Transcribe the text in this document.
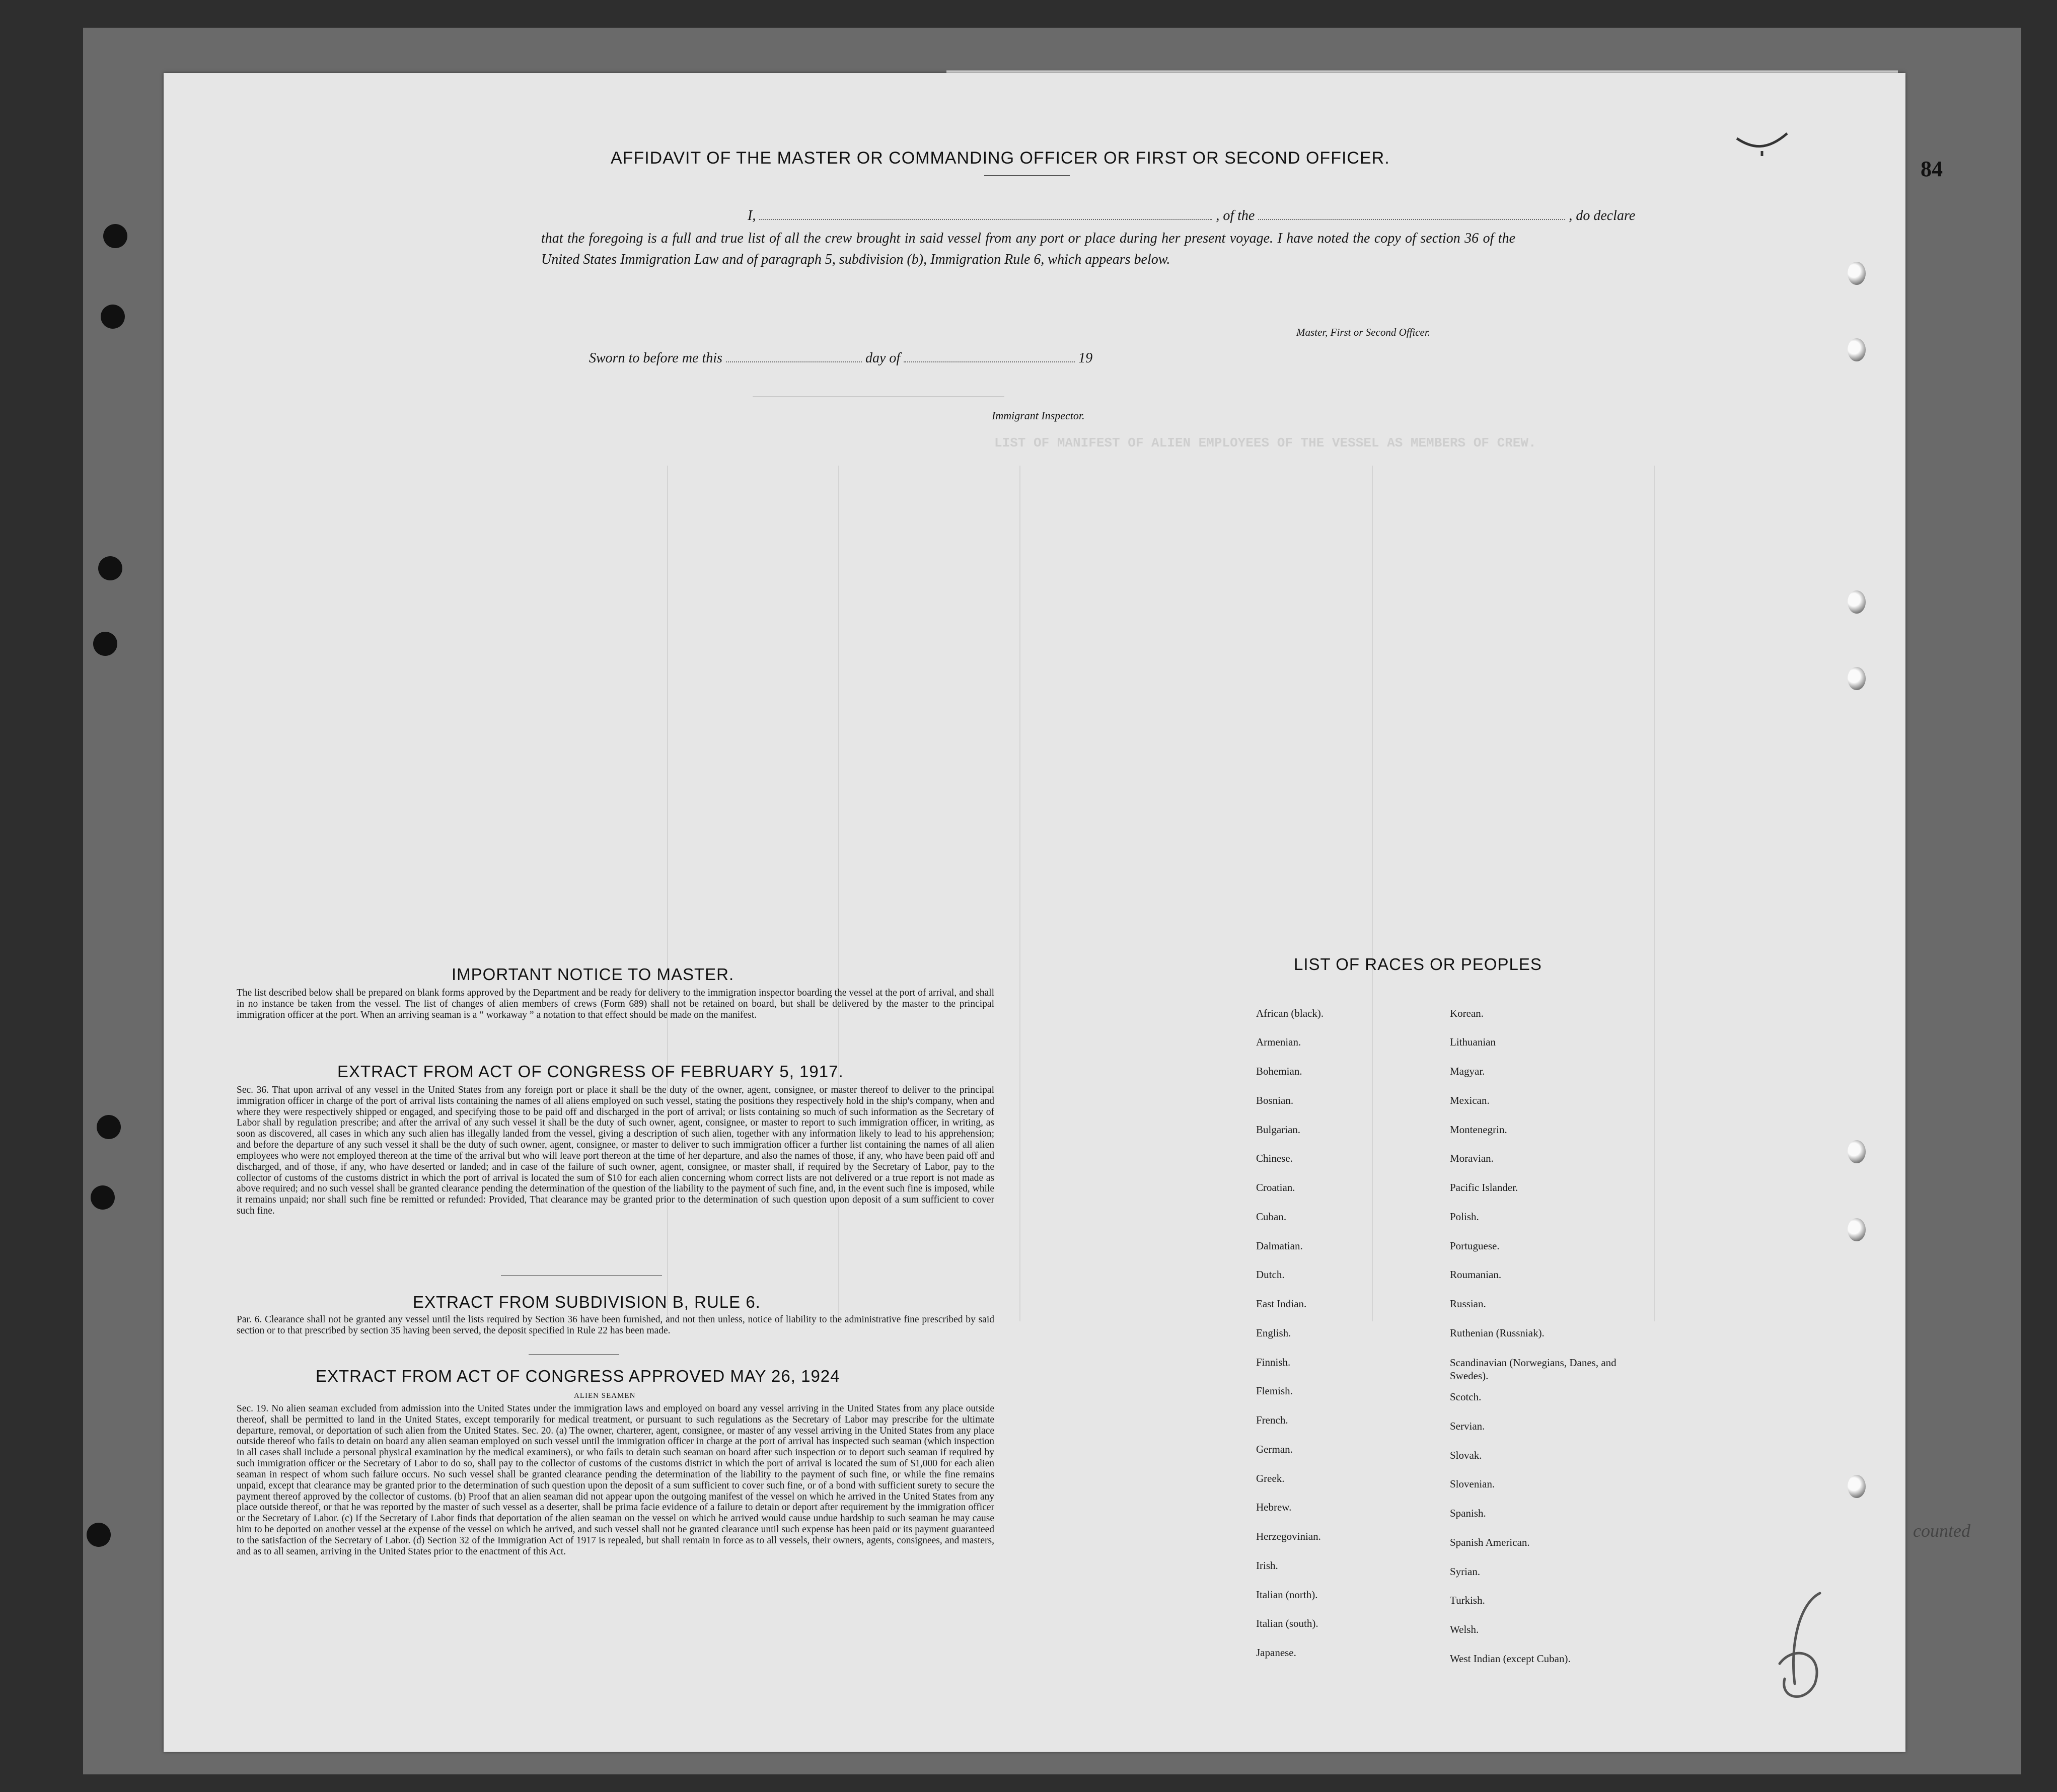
84
LIST OF MANIFEST OF ALIEN EMPLOYEES OF THE VESSEL AS MEMBERS OF CREW.
AFFIDAVIT OF THE MASTER OR COMMANDING OFFICER OR FIRST OR SECOND OFFICER.
I,	, of the	, do declare
that the foregoing is a full and true list of all the crew brought in said vessel from any port or place during her present voyage. I have noted the copy of section 36 of the United States Immigration Law and of paragraph 5, subdivision (b), Immigration Rule 6, which appears below.
Master, First or Second Officer.
Sworn to before me this	day of	19
Immigrant Inspector.
IMPORTANT NOTICE TO MASTER.
The list described below shall be prepared on blank forms approved by the Department and be ready for delivery to the immigration inspector boarding the vessel at the port of arrival, and shall in no instance be taken from the vessel. The list of changes of alien members of crews (Form 689) shall not be retained on board, but shall be delivered by the master to the principal immigration officer at the port. When an arriving seaman is a “ workaway ” a notation to that effect should be made on the manifest.
EXTRACT FROM ACT OF CONGRESS OF FEBRUARY 5, 1917.
Sec. 36. That upon arrival of any vessel in the United States from any foreign port or place it shall be the duty of the owner, agent, consignee, or master thereof to deliver to the principal immigration officer in charge of the port of arrival lists containing the names of all aliens employed on such vessel, stating the positions they respectively hold in the ship's company, when and where they were respectively shipped or engaged, and specifying those to be paid off and discharged in the port of arrival; or lists containing so much of such information as the Secretary of Labor shall by regulation prescribe; and after the arrival of any such vessel it shall be the duty of such owner, agent, consignee, or master to report to such immigration officer, in writing, as soon as discovered, all cases in which any such alien has illegally landed from the vessel, giving a description of such alien, together with any information likely to lead to his apprehension; and before the departure of any such vessel it shall be the duty of such owner, agent, consignee, or master to deliver to such immigration officer a further list containing the names of all alien employees who were not employed thereon at the time of the arrival but who will leave port thereon at the time of her departure, and also the names of those, if any, who have been paid off and discharged, and of those, if any, who have deserted or landed; and in case of the failure of such owner, agent, consignee, or master shall, if required by the Secretary of Labor, pay to the collector of customs of the customs district in which the port of arrival is located the sum of $10 for each alien concerning whom correct lists are not delivered or a true report is not made as above required; and no such vessel shall be granted clearance pending the determination of the question of the liability to the payment of such fine, and, in the event such fine is imposed, while it remains unpaid; nor shall such fine be remitted or refunded: Provided, That clearance may be granted prior to the determination of such question upon deposit of a sum sufficient to cover such fine.
EXTRACT FROM SUBDIVISION B, RULE 6.
Par. 6. Clearance shall not be granted any vessel until the lists required by Section 36 have been furnished, and not then unless, notice of liability to the administrative fine prescribed by said section or to that prescribed by section 35 having been served, the deposit specified in Rule 22 has been made.
EXTRACT FROM ACT OF CONGRESS APPROVED MAY 26, 1924
ALIEN SEAMEN
Sec. 19. No alien seaman excluded from admission into the United States under the immigration laws and employed on board any vessel arriving in the United States from any place outside thereof, shall be permitted to land in the United States, except temporarily for medical treatment, or pursuant to such regulations as the Secretary of Labor may prescribe for the ultimate departure, removal, or deportation of such alien from the United States. Sec. 20. (a) The owner, charterer, agent, consignee, or master of any vessel arriving in the United States from any place outside thereof who fails to detain on board any alien seaman employed on such vessel until the immigration officer in charge at the port of arrival has inspected such seaman (which inspection in all cases shall include a personal physical examination by the medical examiners), or who fails to detain such seaman on board after such inspection or to deport such seaman if required by such immigration officer or the Secretary of Labor to do so, shall pay to the collector of customs of the customs district in which the port of arrival is located the sum of $1,000 for each alien seaman in respect of whom such failure occurs. No such vessel shall be granted clearance pending the determination of the liability to the payment of such fine, or while the fine remains unpaid, except that clearance may be granted prior to the determination of such question upon the deposit of a sum sufficient to cover such fine, or of a bond with sufficient surety to secure the payment thereof approved by the collector of customs. (b) Proof that an alien seaman did not appear upon the outgoing manifest of the vessel on which he arrived in the United States from any place outside thereof, or that he was reported by the master of such vessel as a deserter, shall be prima facie evidence of a failure to detain or deport after requirement by the immigration officer or the Secretary of Labor. (c) If the Secretary of Labor finds that deportation of the alien seaman on the vessel on which he arrived would cause undue hardship to such seaman he may cause him to be deported on another vessel at the expense of the vessel on which he arrived, and such vessel shall not be granted clearance until such expense has been paid or its payment guaranteed to the satisfaction of the Secretary of Labor. (d) Section 32 of the Immigration Act of 1917 is repealed, but shall remain in force as to all vessels, their owners, agents, consignees, and masters, and as to all seamen, arriving in the United States prior to the enactment of this Act.
LIST OF RACES OR PEOPLES
African (black).
Armenian.
Bohemian.
Bosnian.
Bulgarian.
Chinese.
Croatian.
Cuban.
Dalmatian.
Dutch.
East Indian.
English.
Finnish.
Flemish.
French.
German.
Greek.
Hebrew.
Herzegovinian.
Irish.
Italian (north).
Italian (south).
Japanese.
Korean.
Lithuanian
Magyar.
Mexican.
Montenegrin.
Moravian.
Pacific Islander.
Polish.
Portuguese.
Roumanian.
Russian.
Ruthenian (Russniak).
Scandinavian (Norwegians, Danes, and Swedes).
Scotch.
Servian.
Slovak.
Slovenian.
Spanish.
Spanish American.
Syrian.
Turkish.
Welsh.
West Indian (except Cuban).
counted
